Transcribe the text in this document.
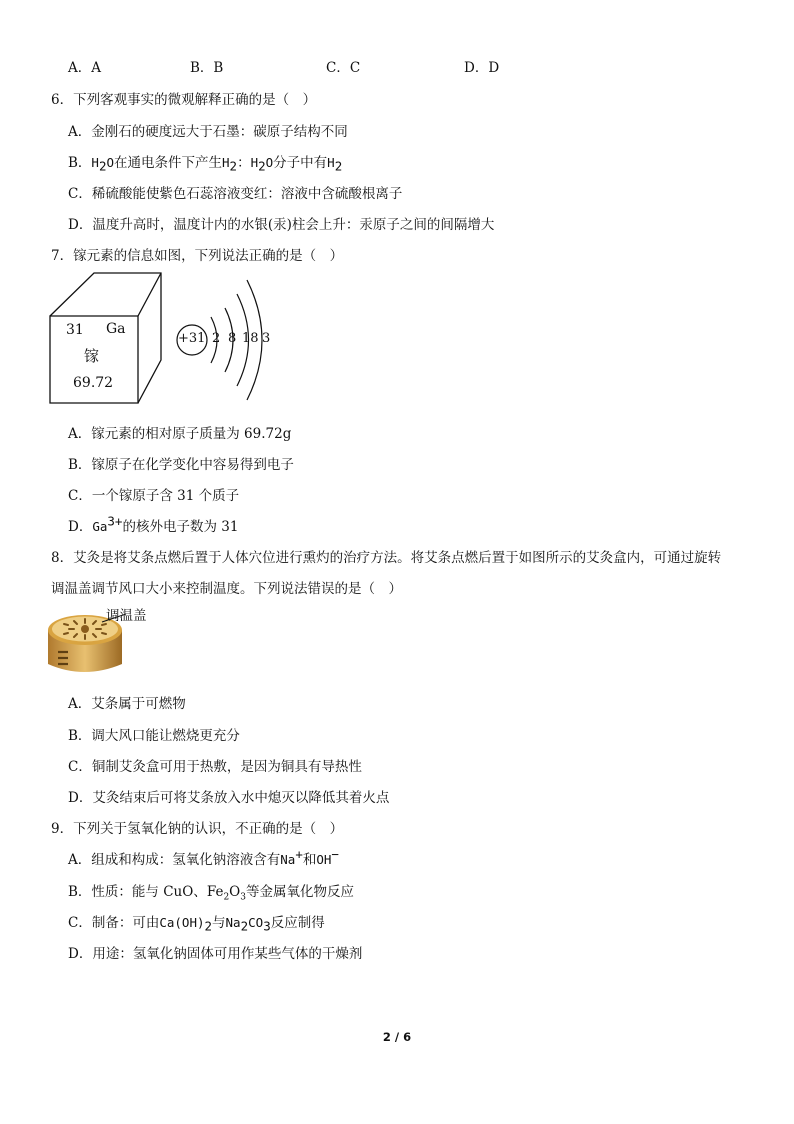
A．A	B．B	C．C	D．D
6．下列客观事实的微观解释正确的是（　）
A．金刚石的硬度远大于石墨：碳原子结构不同
B．$H_2O$在通电条件下产生$H_2$：$H_2O$分子中有$H_2$
C．稀硫酸能使紫色石蕊溶液变红：溶液中含硫酸根离子
D．温度升高时，温度计内的水银(汞)柱会上升：汞原子之间的间隔增大
7．镓元素的信息如图，下列说法正确的是（　）
31 Ga
镓
69.72
+31 2 8 18 3
A．镓元素的相对原子质量为 69.72g
B．镓原子在化学变化中容易得到电子
C．一个镓原子含 31 个质子
D．$Ga^{3+}$的核外电子数为 31
8．艾灸是将艾条点燃后置于人体穴位进行熏灼的治疗方法。将艾条点燃后置于如图所示的艾灸盒内，可通过旋转
调温盖调节风口大小来控制温度。下列说法错误的是（　）
调温盖
A．艾条属于可燃物
B．调大风口能让燃烧更充分
C．铜制艾灸盒可用于热敷，是因为铜具有导热性
D．艾灸结束后可将艾条放入水中熄灭以降低其着火点
9．下列关于氢氧化钠的认识，不正确的是（　）
A．组成和构成：氢氧化钠溶液含有Na+和OH−
B．性质：能与 CuO、$Fe_2O_3$等金属氧化物反应
C．制备：可由$Ca(OH)_2$与$Na_2CO_3$反应制得
D．用途：氢氧化钠固体可用作某些气体的干燥剂
2 / 6
